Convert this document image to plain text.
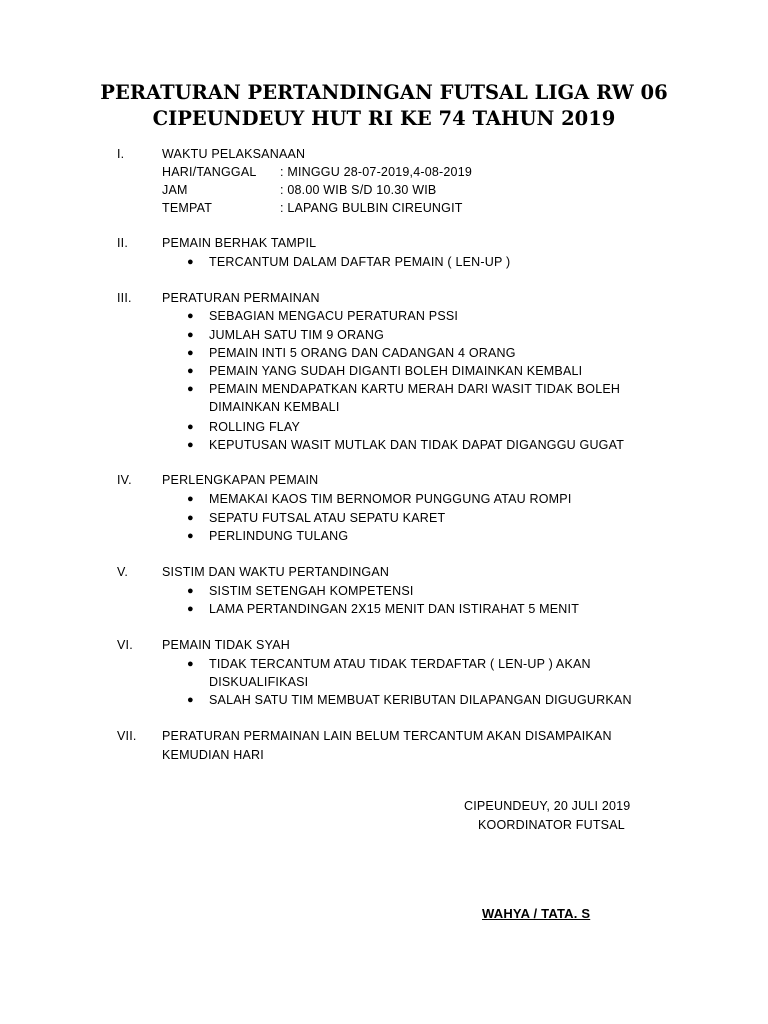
PERATURAN PERTANDINGAN FUTSAL LIGA RW 06
CIPEUNDEUY HUT RI KE 74 TAHUN 2019
I.	WAKTU PELAKSANAAN
HARI/TANGGAL : MINGGU 28-07-2019,4-08-2019
JAM	: 08.00 WIB S/D 10.30 WIB
TEMPAT	: LAPANG BULBIN CIREUNGIT
II.	PEMAIN BERHAK TAMPIL
● TERCANTUM DALAM DAFTAR PEMAIN ( LEN-UP )
III. PERATURAN PERMAINAN
● SEBAGIAN MENGACU PERATURAN PSSI
● JUMLAH SATU TIM 9 ORANG
● PEMAIN INTI 5 ORANG DAN CADANGAN 4 ORANG
● PEMAIN YANG SUDAH DIGANTI BOLEH DIMAINKAN KEMBALI
● PEMAIN MENDAPATKAN KARTU MERAH DARI WASIT TIDAK BOLEH
DIMAINKAN KEMBALI
● ROLLING FLAY
● KEPUTUSAN WASIT MUTLAK DAN TIDAK DAPAT DIGANGGU GUGAT
IV. PERLENGKAPAN PEMAIN
● MEMAKAI KAOS TIM BERNOMOR PUNGGUNG ATAU ROMPI
● SEPATU FUTSAL ATAU SEPATU KARET
● PERLINDUNG TULANG
V.	SISTIM DAN WAKTU PERTANDINGAN
● SISTIM SETENGAH KOMPETENSI
● LAMA PERTANDINGAN 2X15 MENIT DAN ISTIRAHAT 5 MENIT
VI. PEMAIN TIDAK SYAH
● TIDAK TERCANTUM ATAU TIDAK TERDAFTAR ( LEN-UP ) AKAN
DISKUALIFIKASI
● SALAH SATU TIM MEMBUAT KERIBUTAN DILAPANGAN DIGUGURKAN
VII. PERATURAN PERMAINAN LAIN BELUM TERCANTUM AKAN DISAMPAIKAN
KEMUDIAN HARI
CIPEUNDEUY, 20 JULI 2019
KOORDINATOR FUTSAL
WAHYA / TATA. S
